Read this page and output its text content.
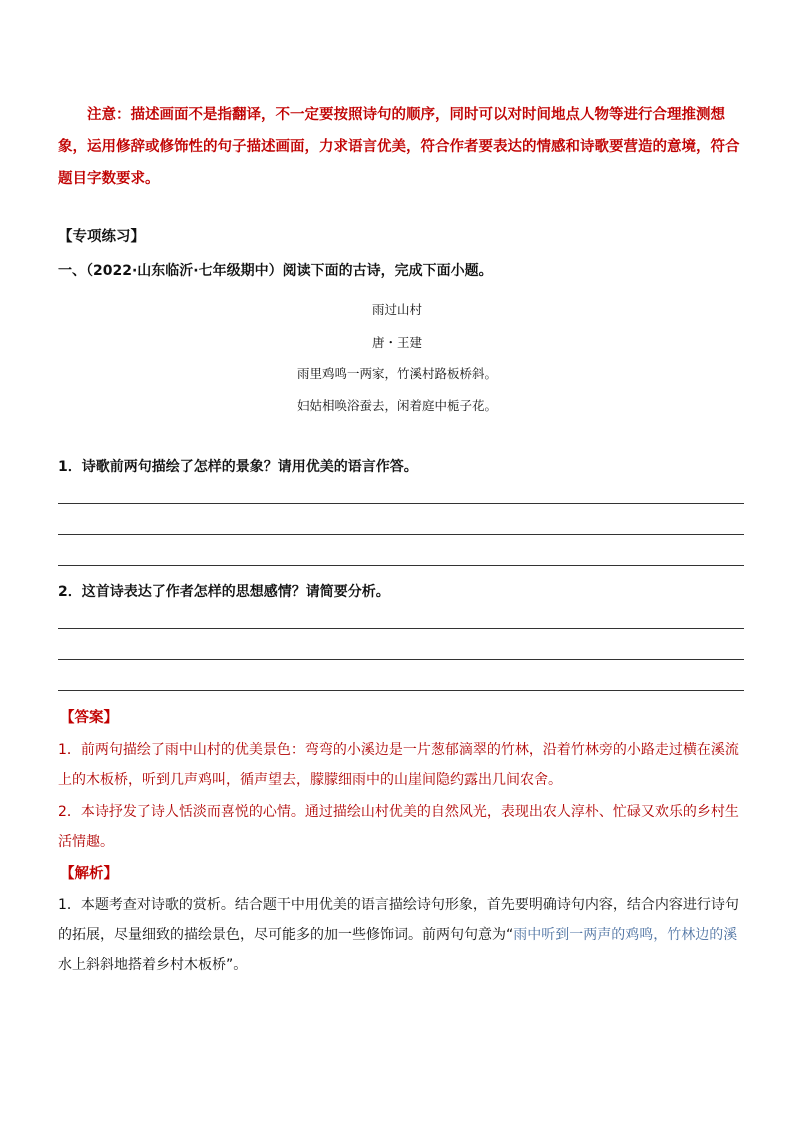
注意：描述画面不是指翻译，不一定要按照诗句的顺序，同时可以对时间地点人物等进行合理推测想象，运用修辞或修饰性的句子描述画面，力求语言优美，符合作者要表达的情感和诗歌要营造的意境，符合题目字数要求。

【专项练习】
一、（2022·山东临沂·七年级期中）阅读下面的古诗，完成下面小题。
雨过山村
唐・王建
雨里鸡鸣一两家，竹溪村路板桥斜。
妇姑相唤浴蚕去，闲着庭中栀子花。
1．诗歌前两句描绘了怎样的景象？请用优美的语言作答。
2．这首诗表达了作者怎样的思想感情？请简要分析。
【答案】

1．前两句描绘了雨中山村的优美景色：弯弯的小溪边是一片葱郁滴翠的竹林，沿着竹林旁的小路走过横在溪流上的木板桥，听到几声鸡叫，循声望去，朦朦细雨中的山崖间隐约露出几间农舍。

2．本诗抒发了诗人恬淡而喜悦的心情。通过描绘山村优美的自然风光，表现出农人淳朴、忙碌又欢乐的乡村生活情趣。

【解析】

1．本题考查对诗歌的赏析。结合题干中用优美的语言描绘诗句形象，首先要明确诗句内容，结合内容进行诗句的拓展，尽量细致的描绘景色，尽可能多的加一些修饰词。前两句句意为“雨中听到一两声的鸡鸣，竹林边的溪水上斜斜地搭着乡村木板桥”。
